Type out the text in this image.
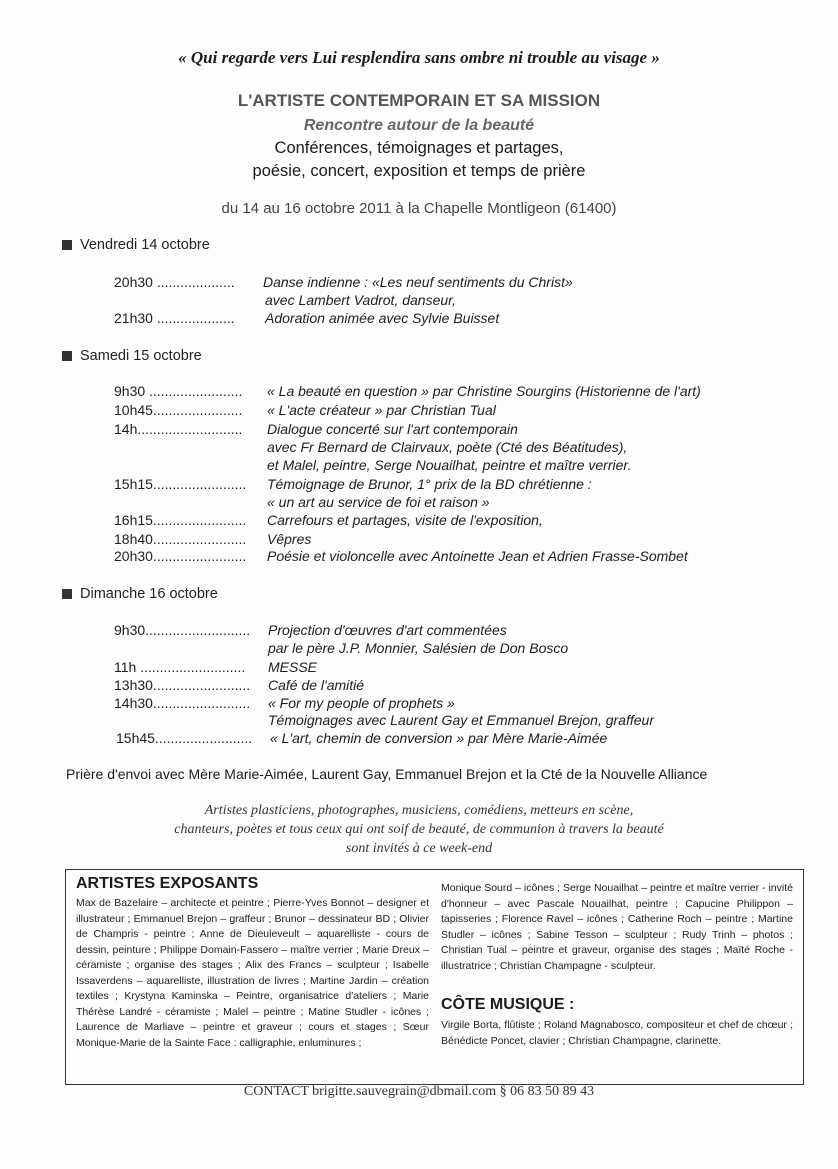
« Qui regarde vers Lui resplendira sans ombre ni trouble au visage »
L'ARTISTE CONTEMPORAIN ET SA MISSION
Rencontre autour de la beauté
Conférences, témoignages et partages,
poésie, concert, exposition et temps de prière
du 14 au 16 octobre 2011 à la Chapelle Montligeon (61400)
Vendredi 14 octobre
20h30 .................... Danse indienne : «Les neuf sentiments du Christ»
avec Lambert Vadrot, danseur,
21h30 .................... Adoration animée avec Sylvie Buisset
Samedi 15 octobre
9h30 ........................ « La beauté en question » par Christine Sourgins (Historienne de l'art)
10h45....................... « L'acte créateur » par Christian Tual
14h........................... Dialogue concerté sur l'art contemporain
avec Fr Bernard de Clairvaux, poète (Cté des Béatitudes),
et Malel, peintre, Serge Nouailhat, peintre et maître verrier.
15h15........................ Témoignage de Brunor, 1° prix de la BD chrétienne :
« un art au service de foi et raison »
16h15........................ Carrefours et partages, visite de l'exposition,
18h40........................ Vêpres
20h30........................ Poésie et violoncelle avec Antoinette Jean et Adrien Frasse-Sombet
Dimanche 16 octobre
9h30........................... Projection d'œuvres d'art commentées
par le père J.P. Monnier, Salésien de Don Bosco
11h ........................... MESSE
13h30......................... Café de l'amitié
14h30......................... « For my people of prophets »
Témoignages avec Laurent Gay et Emmanuel Brejon, graffeur
15h45......................... « L'art, chemin de conversion » par Mère Marie-Aimée
Prière d'envoi avec Mère Marie-Aimée, Laurent Gay, Emmanuel Brejon et la Cté de la Nouvelle Alliance
Artistes plasticiens, photographes, musiciens, comédiens, metteurs en scène,
chanteurs, poètes et tous ceux qui ont soif de beauté, de communion à travers la beauté
sont invités à ce week-end
ARTISTES EXPOSANTS
Max de Bazelaire – architecte et peintre ; Pierre-Yves Bonnot – designer et illustrateur ; Emmanuel Brejon – graffeur ; Brunor – dessinateur BD ; Olivier de Champris - peintre ; Anne de Dieuleveult – aquarelliste - cours de dessin, peinture ; Philippe Domain-Fassero – maître verrier ; Marie Dreux – céramiste ; organise des stages ; Alix des Francs – sculpteur ; Isabelle Issaverdens – aquarelliste, illustration de livres ; Martine Jardin – création textiles ; Krystyna Kaminska – Peintre, organisatrice d'ateliers ; Marie Thérèse Landré - céramiste ; Malel – peintre ; Matine Studler - icônes ; Laurence de Marliave – peintre et graveur ; cours et stages ; Sœur Monique-Marie de la Sainte Face : calligraphie, enluminures ;
Monique Sourd – icônes ; Serge Nouailhat – peintre et maître verrier - invité d'honneur – avec Pascale Nouailhat, peintre ; Capucine Philippon – tapisseries ; Florence Ravel – icônes ; Catherine Roch – peintre ; Martine Studler – icônes ; Sabine Tesson – sculpteur ; Rudy Trinh – photos ; Christian Tual – peintre et graveur, organise des stages ; Maïté Roche - illustratrice ; Christian Champagne - sculpteur.
CÔTE MUSIQUE :
Virgile Borta, flûtiste ; Roland Magnabosco, compositeur et chef de chœur ; Bénédicte Poncet, clavier ; Christian Champagne, clarinette.
CONTACT brigitte.sauvegrain@dbmail.com § 06 83 50 89 43
